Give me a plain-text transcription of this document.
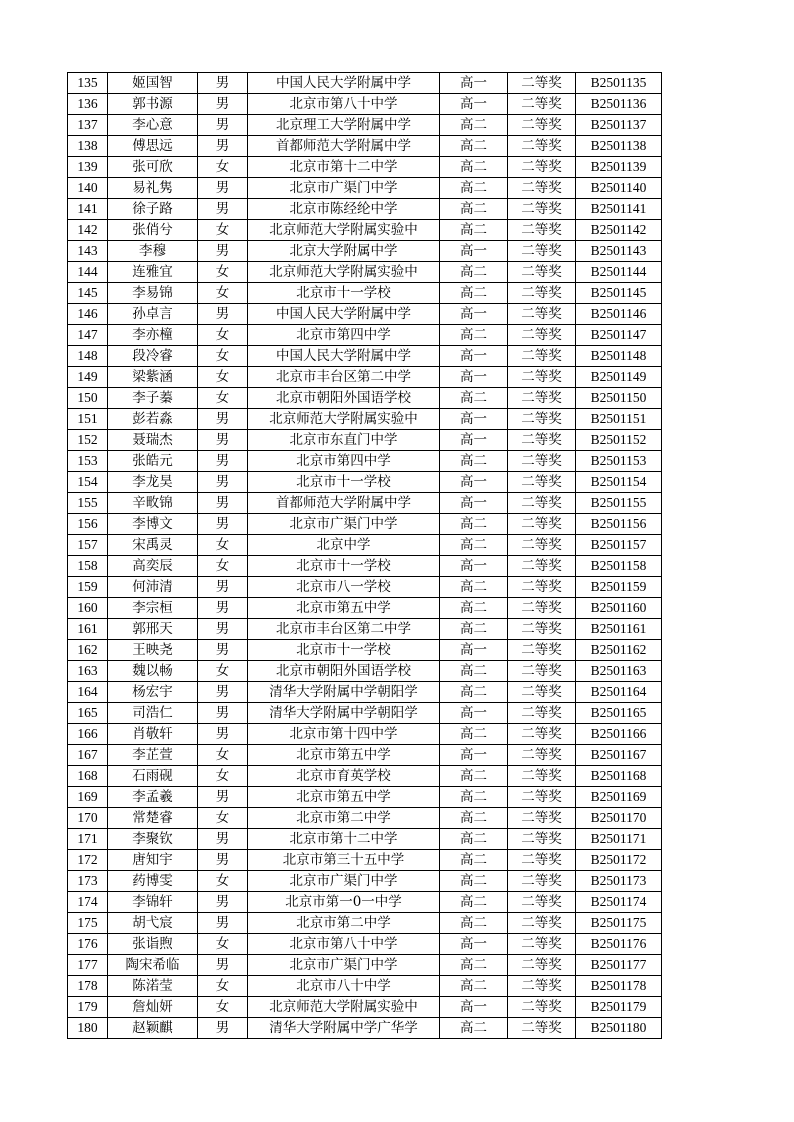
135	姬国智	男	中国人民大学附属中学	高一	二等奖	B2501135
136	郭书源	男	北京市第八十中学	高一	二等奖	B2501136
137	李心意	男	北京理工大学附属中学	高二	二等奖	B2501137
138	傅思远	男	首都师范大学附属中学	高二	二等奖	B2501138
139	张可欣	女	北京市第十二中学	高二	二等奖	B2501139
140	易礼隽	男	北京市广渠门中学	高二	二等奖	B2501140
141	徐子路	男	北京市陈经纶中学	高二	二等奖	B2501141
142	张俏兮	女	北京师范大学附属实验中	高二	二等奖	B2501142
143	李穆	男	北京大学附属中学	高一	二等奖	B2501143
144	连雅宜	女	北京师范大学附属实验中	高二	二等奖	B2501144
145	李易锦	女	北京市十一学校	高二	二等奖	B2501145
146	孙卓言	男	中国人民大学附属中学	高一	二等奖	B2501146
147	李亦橦	女	北京市第四中学	高二	二等奖	B2501147
148	段冷睿	女	中国人民大学附属中学	高一	二等奖	B2501148
149	梁紫涵	女	北京市丰台区第二中学	高一	二等奖	B2501149
150	李子蓁	女	北京市朝阳外国语学校	高二	二等奖	B2501150
151	彭若淼	男	北京师范大学附属实验中	高一	二等奖	B2501151
152	聂瑞杰	男	北京市东直门中学	高一	二等奖	B2501152
153	张皓元	男	北京市第四中学	高二	二等奖	B2501153
154	李龙昊	男	北京市十一学校	高一	二等奖	B2501154
155	辛畋锦	男	首都师范大学附属中学	高一	二等奖	B2501155
156	李博文	男	北京市广渠门中学	高二	二等奖	B2501156
157	宋禹灵	女	北京中学	高二	二等奖	B2501157
158	高奕辰	女	北京市十一学校	高一	二等奖	B2501158
159	何沛清	男	北京市八一学校	高二	二等奖	B2501159
160	李宗桓	男	北京市第五中学	高二	二等奖	B2501160
161	郭邢天	男	北京市丰台区第二中学	高二	二等奖	B2501161
162	王映尧	男	北京市十一学校	高一	二等奖	B2501162
163	魏以畅	女	北京市朝阳外国语学校	高二	二等奖	B2501163
164	杨宏宇	男	清华大学附属中学朝阳学	高二	二等奖	B2501164
165	司浩仁	男	清华大学附属中学朝阳学	高一	二等奖	B2501165
166	肖敬轩	男	北京市第十四中学	高二	二等奖	B2501166
167	李芷萱	女	北京市第五中学	高一	二等奖	B2501167
168	石雨砚	女	北京市育英学校	高二	二等奖	B2501168
169	李孟羲	男	北京市第五中学	高二	二等奖	B2501169
170	常楚睿	女	北京市第二中学	高二	二等奖	B2501170
171	李聚钦	男	北京市第十二中学	高二	二等奖	B2501171
172	唐知宇	男	北京市第三十五中学	高二	二等奖	B2501172
173	药博雯	女	北京市广渠门中学	高二	二等奖	B2501173
174	李锦轩	男	北京市第一0一中学	高二	二等奖	B2501174
175	胡弋宸	男	北京市第二中学	高二	二等奖	B2501175
176	张诣煦	女	北京市第八十中学	高一	二等奖	B2501176
177	陶宋希临	男	北京市广渠门中学	高二	二等奖	B2501177
178	陈渃莹	女	北京市八十中学	高二	二等奖	B2501178
179	詹灿妍	女	北京师范大学附属实验中	高一	二等奖	B2501179
180	赵颖麒	男	清华大学附属中学广华学	高二	二等奖	B2501180
